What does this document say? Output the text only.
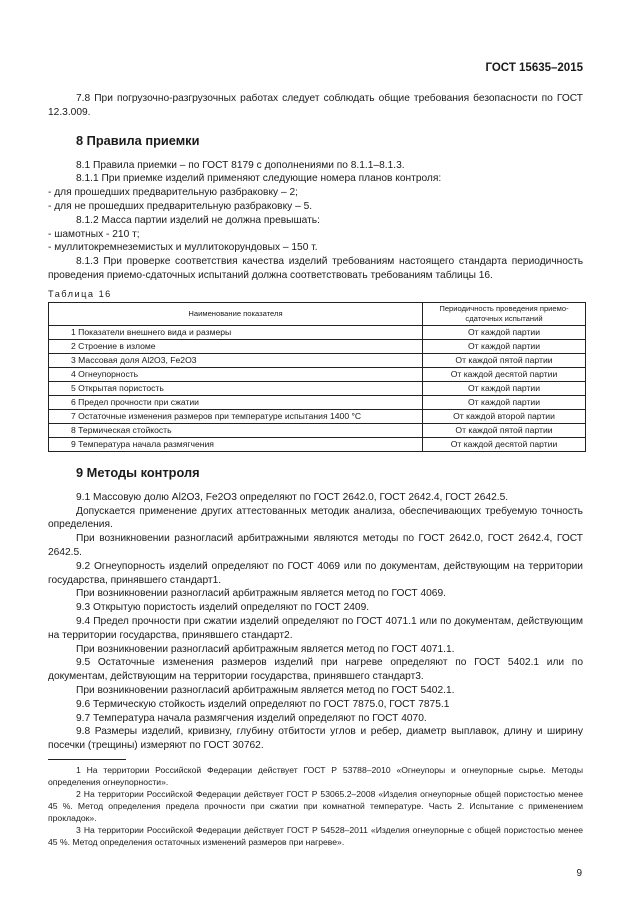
ГОСТ 15635–2015

7.8 При погрузочно-разгрузочных работах следует соблюдать общие требования безопасности по ГОСТ 12.3.009.

8 Правила приемки

8.1 Правила приемки – по ГОСТ 8179 с дополнениями по 8.1.1–8.1.3.

8.1.1 При приемке изделий применяют следующие номера планов контроля:

- для прошедших предварительную разбраковку – 2;

- для не прошедших предварительную разбраковку – 5.

8.1.2 Масса партии изделий не должна превышать:

- шамотных - 210 т;

- муллитокремнеземистых и муллитокорундовых – 150 т.

8.1.3 При проверке соответствия качества изделий требованиям настоящего стандарта периодичность проведения приемо-сдаточных испытаний должна соответствовать требованиям таблицы 16.

Таблица 16
Наименование показателя	Периодичность проведения приемо-сдаточных испытаний
1 Показатели внешнего вида и размеры	От каждой партии
2 Строение в изломе	От каждой партии
3 Массовая доля Al2O3, Fe2O3	От каждой пятой партии
4 Огнеупорность	От каждой десятой партии
5 Открытая пористость	От каждой партии
6 Предел прочности при сжатии	От каждой партии
7 Остаточные изменения размеров при температуре испытания 1400 °С	От каждой второй партии
8 Термическая стойкость	От каждой пятой партии
9 Температура начала размягчения	От каждой десятой партии
9 Методы контроля

9.1 Массовую долю Al2O3, Fe2O3 определяют по ГОСТ 2642.0, ГОСТ 2642.4, ГОСТ 2642.5.

Допускается применение других аттестованных методик анализа, обеспечивающих требуемую точность определения.

При возникновении разногласий арбитражными являются методы по ГОСТ 2642.0, ГОСТ 2642.4, ГОСТ 2642.5.

9.2 Огнеупорность изделий определяют по ГОСТ 4069 или по документам, действующим на территории государства, принявшего стандарт1.

При возникновении разногласий арбитражным является метод по ГОСТ 4069.

9.3 Открытую пористость изделий определяют по ГОСТ 2409.

9.4 Предел прочности при сжатии изделий определяют по ГОСТ 4071.1 или по документам, действующим на территории государства, принявшего стандарт2.

При возникновении разногласий арбитражным является метод по ГОСТ 4071.1.

9.5 Остаточные изменения размеров изделий при нагреве определяют по ГОСТ 5402.1 или по документам, действующим на территории государства, принявшего стандарт3.

При возникновении разногласий арбитражным является метод по ГОСТ 5402.1.

9.6 Термическую стойкость изделий определяют по ГОСТ 7875.0, ГОСТ 7875.1

9.7 Температура начала размягчения изделий определяют по ГОСТ 4070.

9.8 Размеры изделий, кривизну, глубину отбитости углов и ребер, диаметр выплавок, длину и ширину посечки (трещины) измеряют по ГОСТ 30762.

1 На территории Российской Федерации действует ГОСТ Р 53788–2010 «Огнеупоры и огнеупорные сырье. Методы определения огнеупорности».

2 На территории Российской Федерации действует ГОСТ Р 53065.2–2008 «Изделия огнеупорные общей пористостью менее 45 %. Метод определения предела прочности при сжатии при комнатной температуре. Часть 2. Испытание с применением прокладок».

3 На территории Российской Федерации действует ГОСТ Р 54528–2011 «Изделия огнеупорные с общей пористостью менее 45 %. Метод определения остаточных изменений размеров при нагреве».

9
